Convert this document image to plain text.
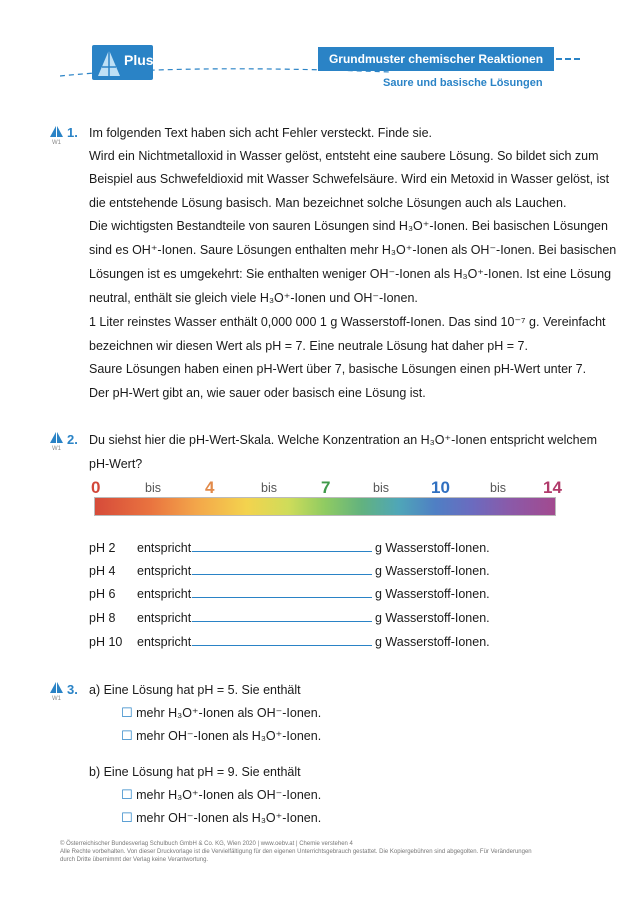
Plus	Grundmuster chemischer Reaktionen
Saure und basische Lösungen
W1
1. Im folgenden Text haben sich acht Fehler versteckt. Finde sie.
Wird ein Nichtmetalloxid in Wasser gelöst, entsteht eine saubere Lösung. So bildet sich zum
Beispiel aus Schwefeldioxid mit Wasser Schwefelsäure. Wird ein Metoxid in Wasser gelöst, ist
die entstehende Lösung basisch. Man bezeichnet solche Lösungen auch als Lauchen.
Die wichtigsten Bestandteile von sauren Lösungen sind H₃O⁺-Ionen. Bei basischen Lösungen
sind es OH⁺-Ionen. Saure Lösungen enthalten mehr H₃O⁺-Ionen als OH⁻-Ionen. Bei basischen
Lösungen ist es umgekehrt: Sie enthalten weniger OH⁻-Ionen als H₃O⁺-Ionen. Ist eine Lösung
neutral, enthält sie gleich viele H₃O⁺-Ionen und OH⁻-Ionen.
1 Liter reinstes Wasser enthält 0,000 000 1 g Wasserstoff-Ionen. Das sind 10⁻⁷ g. Vereinfacht
bezeichnen wir diesen Wert als pH = 7. Eine neutrale Lösung hat daher pH = 7.
Saure Lösungen haben einen pH-Wert über 7, basische Lösungen einen pH-Wert unter 7.
Der pH-Wert gibt an, wie sauer oder basisch eine Lösung ist.
W1
2. Du siehst hier die pH-Wert-Skala. Welche Konzentration an H₃O⁺-Ionen entspricht welchem
pH-Wert?
0	bis	4	bis	7	bis 10	bis 14
pH 2 entspricht	g Wasserstoff-Ionen.
pH 4 entspricht	g Wasserstoff-Ionen.
pH 6 entspricht	g Wasserstoff-Ionen.
pH 8 entspricht	g Wasserstoff-Ionen.
pH 10 entspricht	g Wasserstoff-Ionen.
W1
3. a) Eine Lösung hat pH = 5. Sie enthält
☐ mehr H₃O⁺-Ionen als OH⁻-Ionen.
☐ mehr OH⁻-Ionen als H₃O⁺-Ionen.
b) Eine Lösung hat pH = 9. Sie enthält
☐ mehr H₃O⁺-Ionen als OH⁻-Ionen.
☐ mehr OH⁻-Ionen als H₃O⁺-Ionen.
© Österreichischer Bundesverlag Schulbuch GmbH & Co. KG, Wien 2020 | www.oebv.at | Chemie verstehen 4
Alle Rechte vorbehalten. Von dieser Druckvorlage ist die Vervielfältigung für den eigenen Unterrichtsgebrauch gestattet. Die Kopiergebühren sind abgegolten. Für Veränderungen
durch Dritte übernimmt der Verlag keine Verantwortung.
